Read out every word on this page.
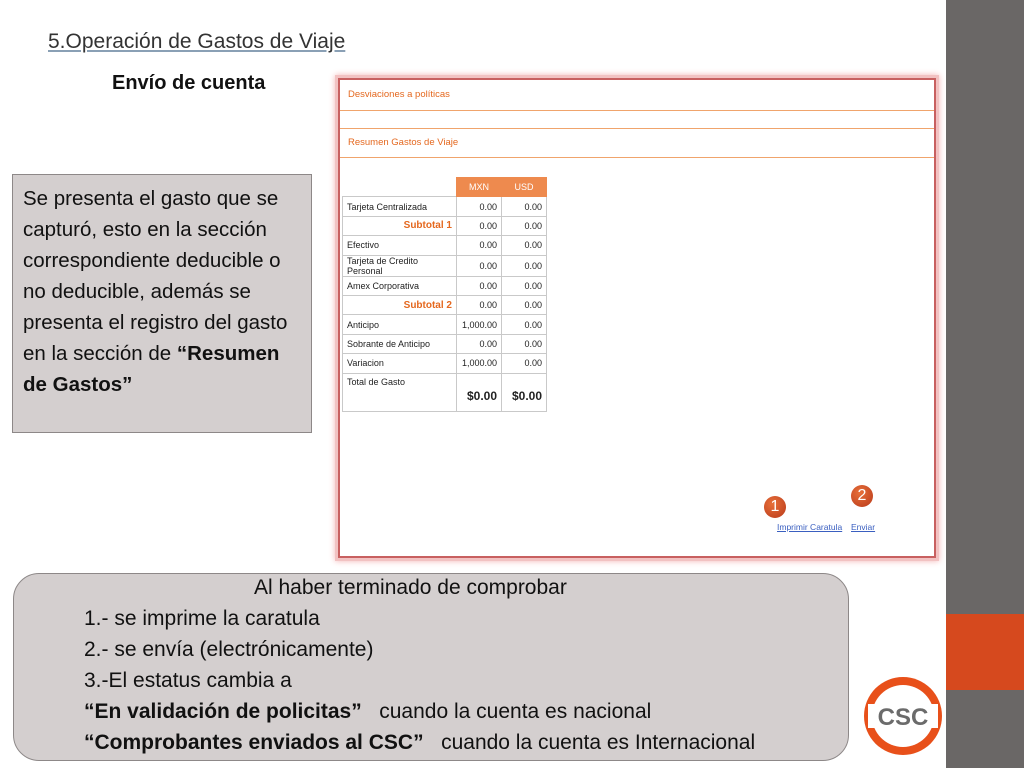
5.Operación de Gastos de Viaje
Envío de cuenta
Se presenta el gasto que se capturó, esto en la sección correspondiente deducible o no deducible, además se presenta el registro del gasto en la sección de “Resumen de Gastos”
Desviaciones a políticas
Resumen Gastos de Viaje
	MXN	USD
Tarjeta Centralizada	0.00	0.00
Subtotal 1	0.00	0.00
Efectivo	0.00	0.00
Tarjeta de Credito Personal	0.00	0.00
Amex Corporativa	0.00	0.00
Subtotal 2	0.00	0.00
Anticipo	1,000.00	0.00
Sobrante de Anticipo	0.00	0.00
Variacion	1,000.00	0.00
Total de Gasto	$0.00	$0.00
1
2
Imprimir Caratula Enviar
Al haber terminado de comprobar
1.- se imprime la caratula
2.- se envía (electrónicamente)
3.-El estatus cambia a
“En validación de policitas”   cuando la cuenta es nacional
“Comprobantes enviados al CSC”   cuando la cuenta es Internacional
CSC
